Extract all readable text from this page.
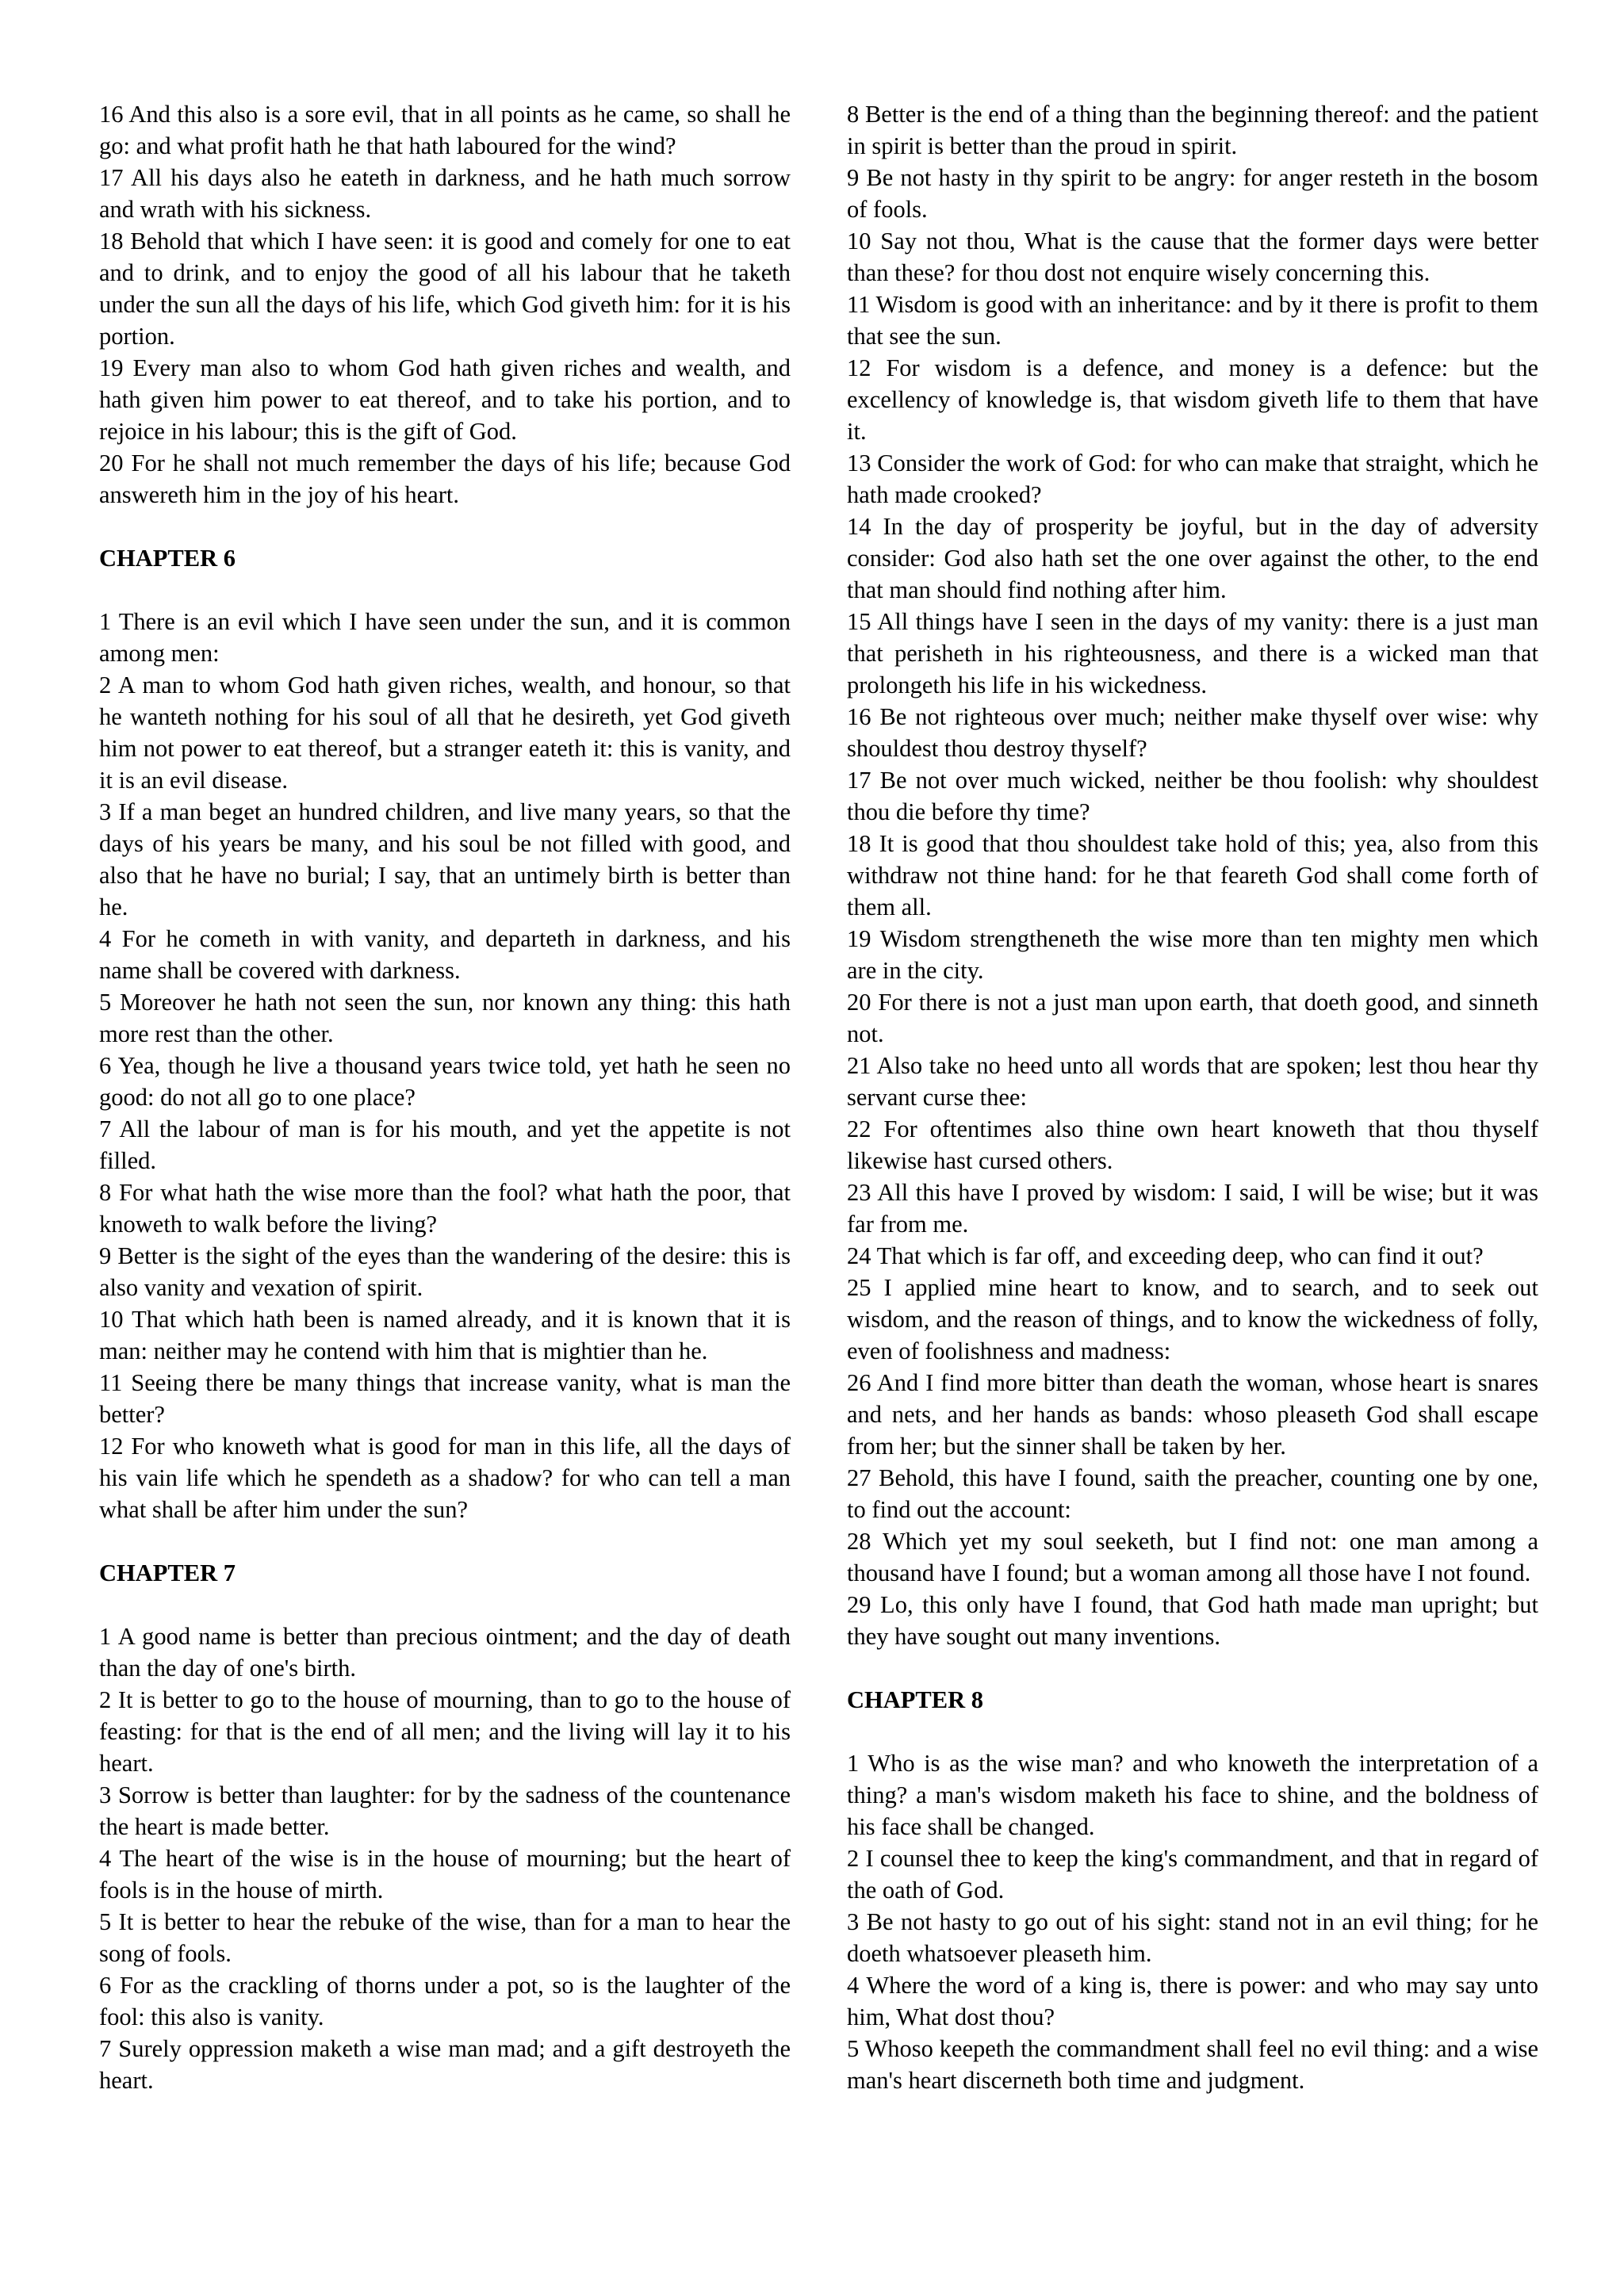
16 And this also is a sore evil, that in all points as he came, so shall he go: and what profit hath he that hath laboured for the wind?

17 All his days also he eateth in darkness, and he hath much sorrow and wrath with his sickness.

18 Behold that which I have seen: it is good and comely for one to eat and to drink, and to enjoy the good of all his labour that he taketh under the sun all the days of his life, which God giveth him: for it is his portion.

19 Every man also to whom God hath given riches and wealth, and hath given him power to eat thereof, and to take his portion, and to rejoice in his labour; this is the gift of God.

20 For he shall not much remember the days of his life; because God answereth him in the joy of his heart.

CHAPTER 6

1 There is an evil which I have seen under the sun, and it is common among men:

2 A man to whom God hath given riches, wealth, and honour, so that he wanteth nothing for his soul of all that he desireth, yet God giveth him not power to eat thereof, but a stranger eateth it: this is vanity, and it is an evil disease.

3 If a man beget an hundred children, and live many years, so that the days of his years be many, and his soul be not filled with good, and also that he have no burial; I say, that an untimely birth is better than he.

4 For he cometh in with vanity, and departeth in darkness, and his name shall be covered with darkness.

5 Moreover he hath not seen the sun, nor known any thing: this hath more rest than the other.

6 Yea, though he live a thousand years twice told, yet hath he seen no good: do not all go to one place?

7 All the labour of man is for his mouth, and yet the appetite is not filled.

8 For what hath the wise more than the fool? what hath the poor, that knoweth to walk before the living?

9 Better is the sight of the eyes than the wandering of the desire: this is also vanity and vexation of spirit.

10 That which hath been is named already, and it is known that it is man: neither may he contend with him that is mightier than he.

11 Seeing there be many things that increase vanity, what is man the better?

12 For who knoweth what is good for man in this life, all the days of his vain life which he spendeth as a shadow? for who can tell a man what shall be after him under the sun?

CHAPTER 7

1 A good name is better than precious ointment; and the day of death than the day of one's birth.

2 It is better to go to the house of mourning, than to go to the house of feasting: for that is the end of all men; and the living will lay it to his heart.

3 Sorrow is better than laughter: for by the sadness of the countenance the heart is made better.

4 The heart of the wise is in the house of mourning; but the heart of fools is in the house of mirth.

5 It is better to hear the rebuke of the wise, than for a man to hear the song of fools.

6 For as the crackling of thorns under a pot, so is the laughter of the fool: this also is vanity.

7 Surely oppression maketh a wise man mad; and a gift destroyeth the heart.

8 Better is the end of a thing than the beginning thereof: and the patient in spirit is better than the proud in spirit.

9 Be not hasty in thy spirit to be angry: for anger resteth in the bosom of fools.

10 Say not thou, What is the cause that the former days were better than these? for thou dost not enquire wisely concerning this.

11 Wisdom is good with an inheritance: and by it there is profit to them that see the sun.

12 For wisdom is a defence, and money is a defence: but the excellency of knowledge is, that wisdom giveth life to them that have it.

13 Consider the work of God: for who can make that straight, which he hath made crooked?

14 In the day of prosperity be joyful, but in the day of adversity consider: God also hath set the one over against the other, to the end that man should find nothing after him.

15 All things have I seen in the days of my vanity: there is a just man that perisheth in his righteousness, and there is a wicked man that prolongeth his life in his wickedness.

16 Be not righteous over much; neither make thyself over wise: why shouldest thou destroy thyself?

17 Be not over much wicked, neither be thou foolish: why shouldest thou die before thy time?

18 It is good that thou shouldest take hold of this; yea, also from this withdraw not thine hand: for he that feareth God shall come forth of them all.

19 Wisdom strengtheneth the wise more than ten mighty men which are in the city.

20 For there is not a just man upon earth, that doeth good, and sinneth not.

21 Also take no heed unto all words that are spoken; lest thou hear thy servant curse thee:

22 For oftentimes also thine own heart knoweth that thou thyself likewise hast cursed others.

23 All this have I proved by wisdom: I said, I will be wise; but it was far from me.

24 That which is far off, and exceeding deep, who can find it out?

25 I applied mine heart to know, and to search, and to seek out wisdom, and the reason of things, and to know the wickedness of folly, even of foolishness and madness:

26 And I find more bitter than death the woman, whose heart is snares and nets, and her hands as bands: whoso pleaseth God shall escape from her; but the sinner shall be taken by her.

27 Behold, this have I found, saith the preacher, counting one by one, to find out the account:

28 Which yet my soul seeketh, but I find not: one man among a thousand have I found; but a woman among all those have I not found.

29 Lo, this only have I found, that God hath made man upright; but they have sought out many inventions.

CHAPTER 8

1 Who is as the wise man? and who knoweth the interpretation of a thing? a man's wisdom maketh his face to shine, and the boldness of his face shall be changed.

2 I counsel thee to keep the king's commandment, and that in regard of the oath of God.

3 Be not hasty to go out of his sight: stand not in an evil thing; for he doeth whatsoever pleaseth him.

4 Where the word of a king is, there is power: and who may say unto him, What dost thou?

5 Whoso keepeth the commandment shall feel no evil thing: and a wise man's heart discerneth both time and judgment.
